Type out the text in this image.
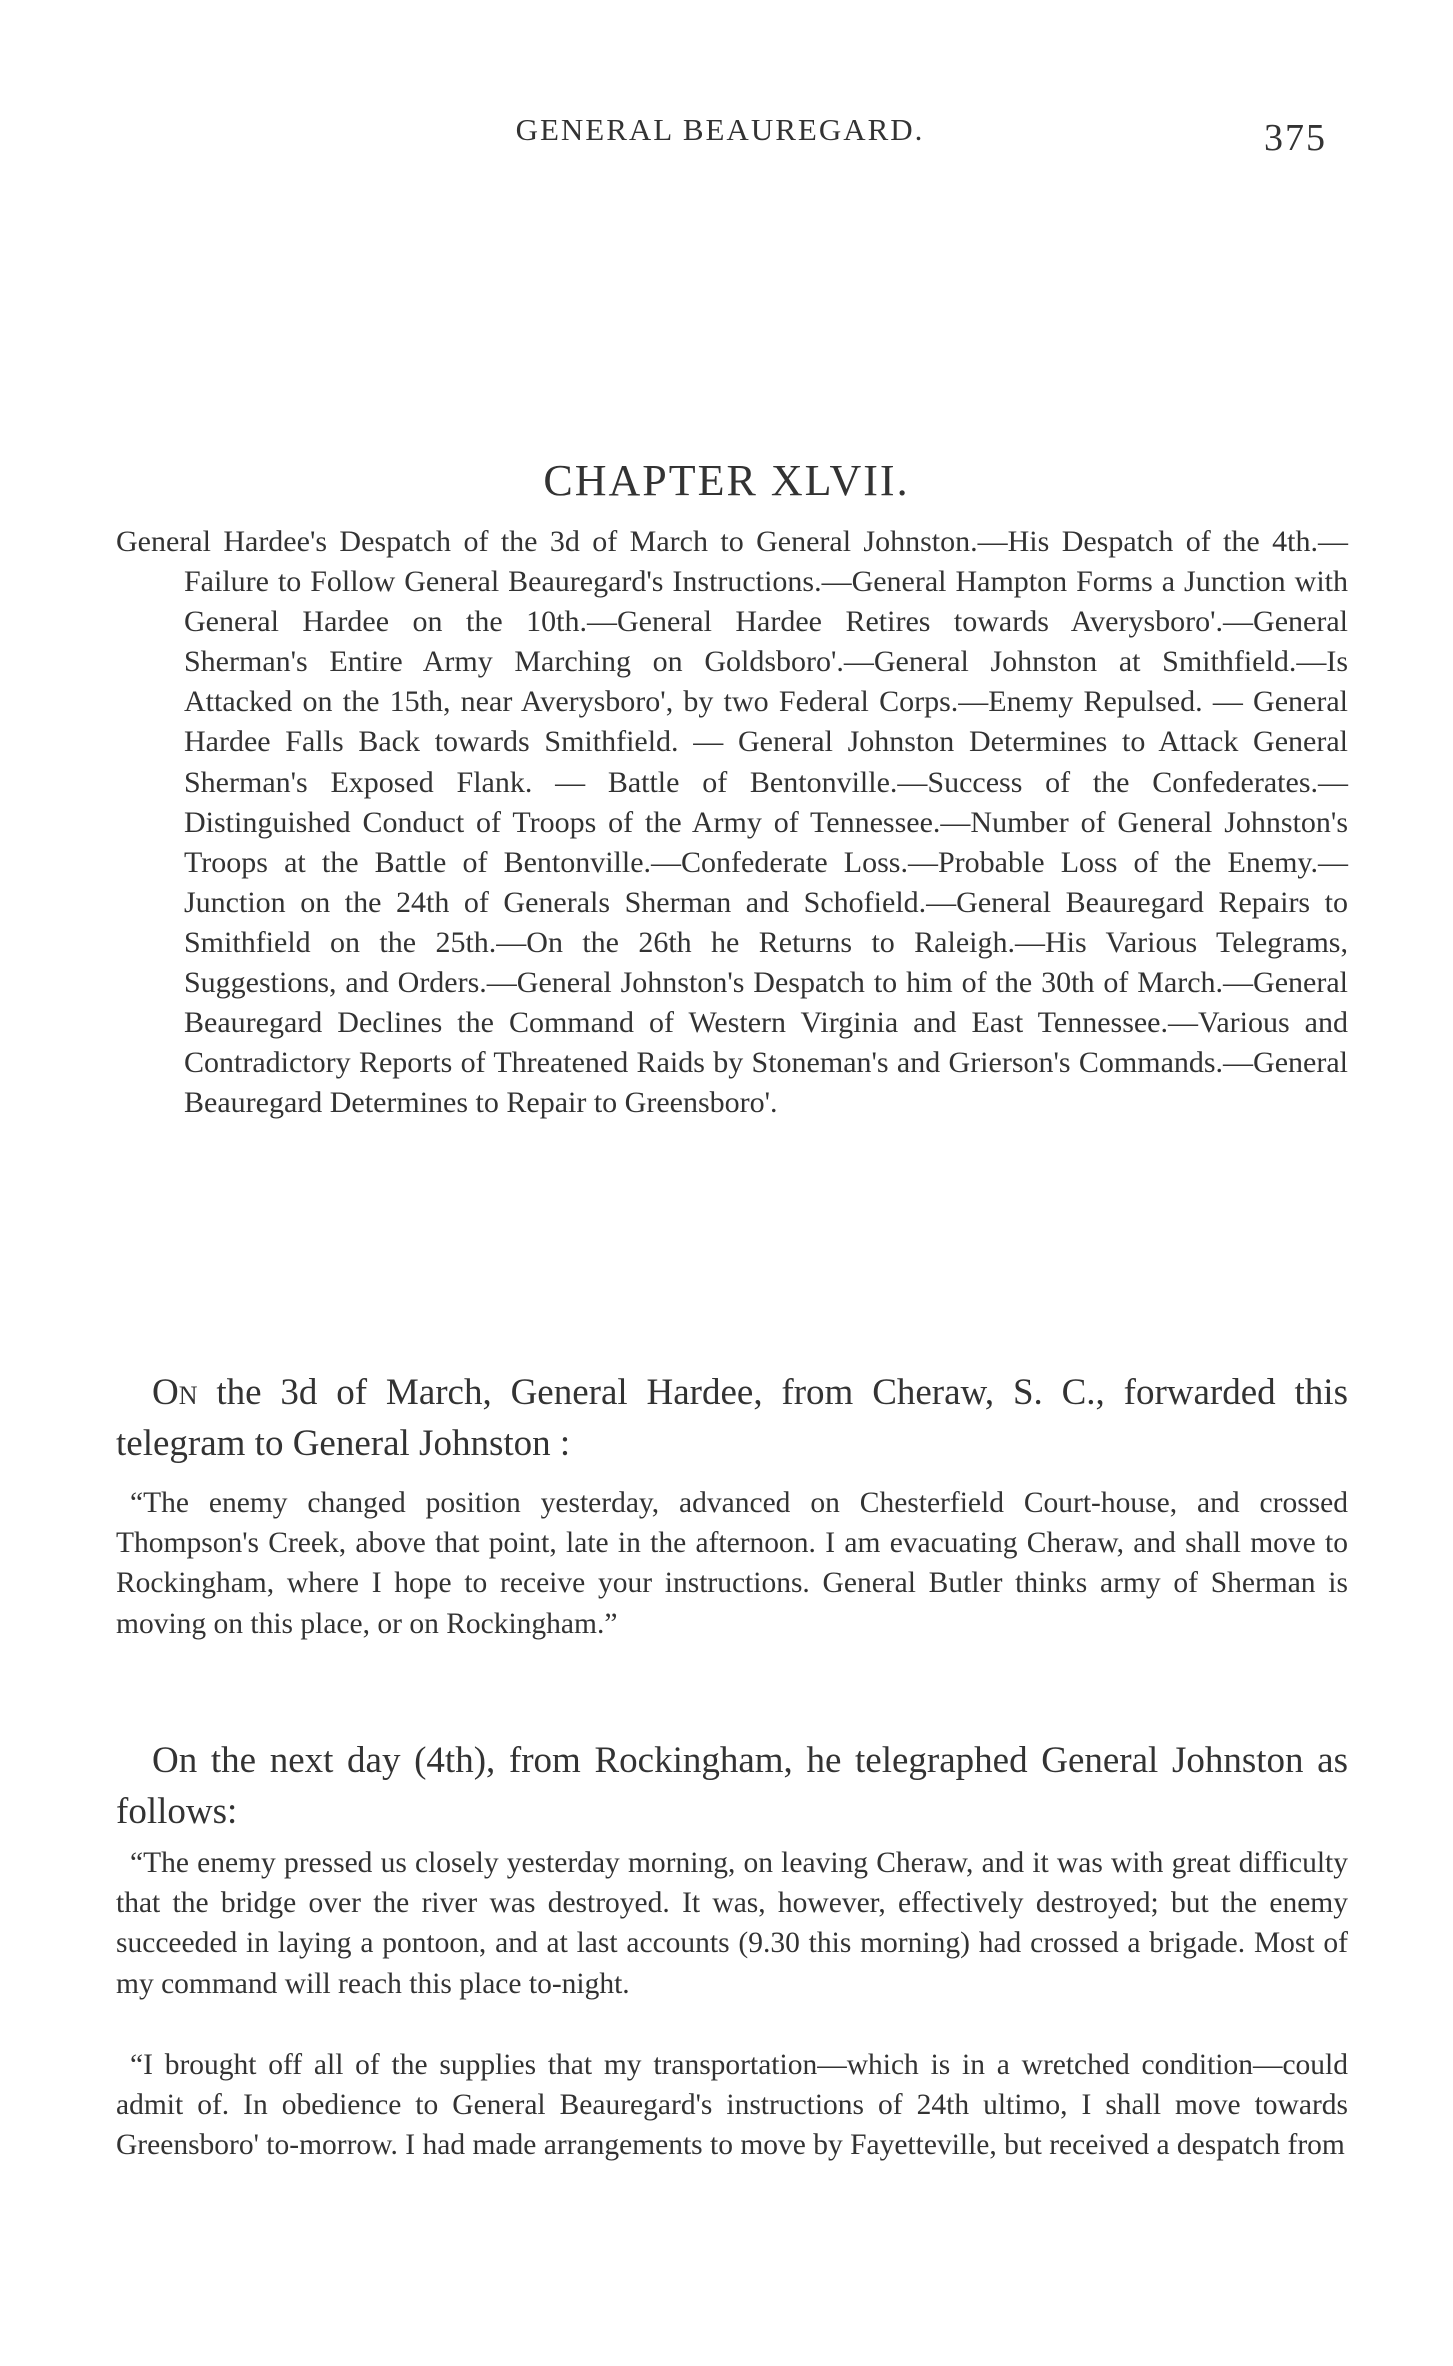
GENERAL BEAUREGARD.	375
CHAPTER XLVII.

General Hardee's Despatch of the 3d of March to General Johnston.—His Despatch of the 4th.—Failure to Follow General Beauregard's Instructions.—General Hampton Forms a Junction with General Hardee on the 10th.—General Hardee Retires towards Averysboro'.—General Sherman's Entire Army Marching on Goldsboro'.—General Johnston at Smithfield.—Is Attacked on the 15th, near Averysboro', by two Federal Corps.—Enemy Repulsed. — General Hardee Falls Back towards Smithfield. — General Johnston Determines to Attack General Sherman's Exposed Flank. — Battle of Bentonville.—Success of the Confederates.—Distinguished Conduct of Troops of the Army of Tennessee.—Number of General Johnston's Troops at the Battle of Bentonville.—Confederate Loss.—Probable Loss of the Enemy.—Junction on the 24th of Generals Sherman and Schofield.—General Beauregard Repairs to Smithfield on the 25th.—On the 26th he Returns to Raleigh.—His Various Telegrams, Suggestions, and Orders.—General Johnston's Despatch to him of the 30th of March.—General Beauregard Declines the Command of Western Virginia and East Tennessee.—Various and Contradictory Reports of Threatened Raids by Stoneman's and Grierson's Commands.—General Beauregard Determines to Repair to Greensboro'.

On the 3d of March, General Hardee, from Cheraw, S. C., forwarded this telegram to General Johnston :

“The enemy changed position yesterday, advanced on Chesterfield Court-house, and crossed Thompson's Creek, above that point, late in the afternoon. I am evacuating Cheraw, and shall move to Rockingham, where I hope to receive your instructions. General Butler thinks army of Sherman is moving on this place, or on Rockingham.”

On the next day (4th), from Rockingham, he telegraphed General Johnston as follows:

“The enemy pressed us closely yesterday morning, on leaving Cheraw, and it was with great difficulty that the bridge over the river was destroyed. It was, however, effectively destroyed; but the enemy succeeded in laying a pontoon, and at last accounts (9.30 this morning) had crossed a brigade. Most of my command will reach this place to-night.

“I brought off all of the supplies that my transportation—which is in a wretched condition—could admit of. In obedience to General Beauregard's instructions of 24th ultimo, I shall move towards Greensboro' to-morrow. I had made arrangements to move by Fayetteville, but received a despatch from
